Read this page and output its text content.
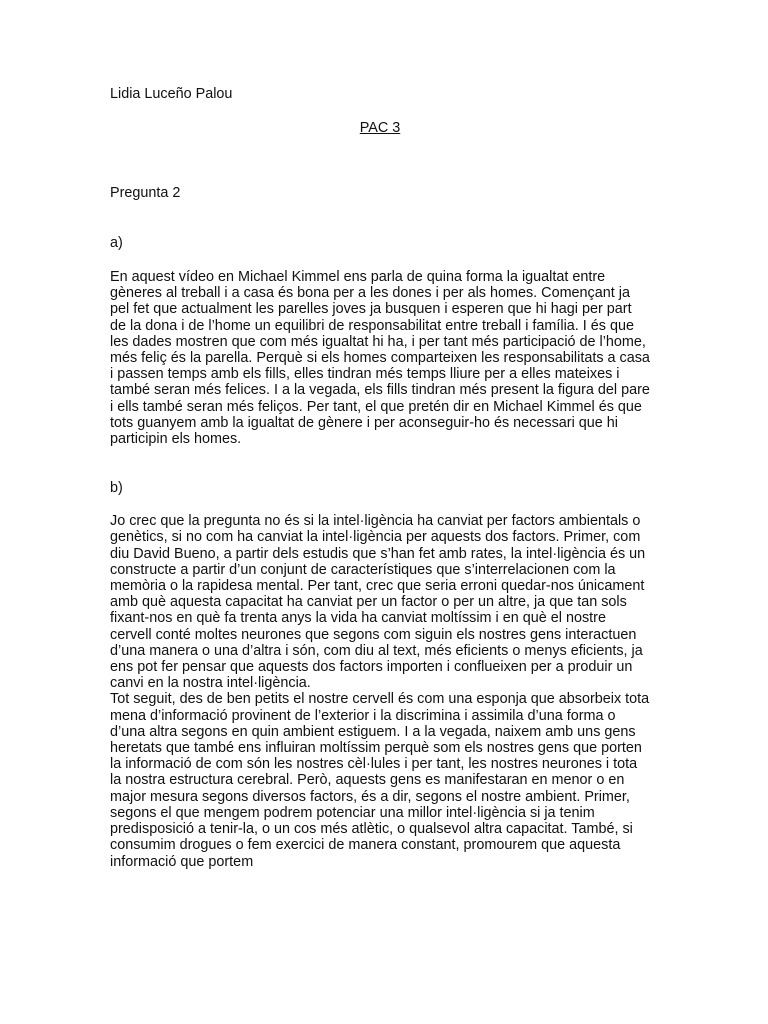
Lidia Luceño Palou

PAC 3

Pregunta 2

a)

En aquest vídeo en Michael Kimmel ens parla de quina forma la igualtat entre gèneres al treball i a casa és bona per a les dones i per als homes. Començant ja pel fet que actualment les parelles joves ja busquen i esperen que hi hagi per part de la dona i de l’home un equilibri de responsabilitat entre treball i família. I és que les dades mostren que com més igualtat hi ha, i per tant més participació de l’home, més feliç és la parella. Perquè si els homes comparteixen les responsabilitats a casa i passen temps amb els fills, elles tindran més temps lliure per a elles mateixes i també seran més felices. I a la vegada, els fills tindran més present la figura del pare i ells també seran més feliços. Per tant, el que pretén dir en Michael Kimmel és que tots guanyem amb la igualtat de gènere i per aconseguir-ho és necessari que hi participin els homes.

b)

Jo crec que la pregunta no és si la intel·ligència ha canviat per factors ambientals o genètics, si no com ha canviat la intel·ligència per aquests dos factors. Primer, com diu David Bueno, a partir dels estudis que s’han fet amb rates, la intel·ligència és un constructe a partir d’un conjunt de característiques que s’interrelacionen com la memòria o la rapidesa mental. Per tant, crec que seria erroni quedar-nos únicament amb què aquesta capacitat ha canviat per un factor o per un altre, ja que tan sols fixant-nos en què fa trenta anys la vida ha canviat moltíssim i en què el nostre cervell conté moltes neurones que segons com siguin els nostres gens interactuen d’una manera o una d’altra i són, com diu al text, més eficients o menys eficients, ja ens pot fer pensar que aquests dos factors importen i conflueixen per a produir un canvi en la nostra intel·ligència.

Tot seguit, des de ben petits el nostre cervell és com una esponja que absorbeix tota mena d’informació provinent de l’exterior i la discrimina i assimila d’una forma o d’una altra segons en quin ambient estiguem. I a la vegada, naixem amb uns gens heretats que també ens influiran moltíssim perquè som els nostres gens que porten la informació de com són les nostres cèl·lules i per tant, les nostres neurones i tota la nostra estructura cerebral. Però, aquests gens es manifestaran en menor o en major mesura segons diversos factors, és a dir, segons el nostre ambient. Primer, segons el que mengem podrem potenciar una millor intel·ligència si ja tenim predisposició a tenir-la, o un cos més atlètic, o qualsevol altra capacitat. També, si consumim drogues o fem exercici de manera constant, promourem que aquesta informació que portem
